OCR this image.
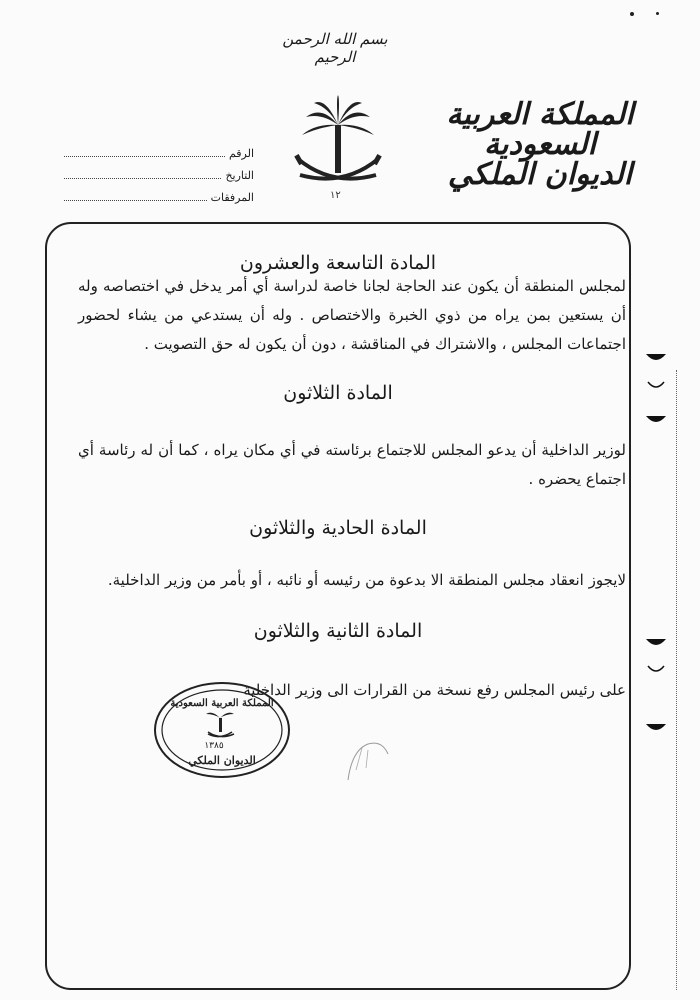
بسم الله الرحمن الرحيم
المملكة العربية السعودية
الديوان الملكي
١٢
الرقم
التاريخ
المرفقات
المادة التاسعة والعشرون
لمجلس المنطقة أن يكون عند الحاجة لجانا خاصة لدراسة أي أمر يدخل في اختصاصه وله أن يستعين بمن يراه من ذوي الخبرة والاختصاص . وله أن يستدعي من يشاء لحضور اجتماعات المجلس ، والاشتراك في المناقشة ، دون أن يكون له حق التصويت .
المادة الثلاثون
لوزير الداخلية أن يدعو المجلس للاجتماع برئاسته في أي مكان يراه ، كما أن له رئاسة أي اجتماع يحضره .
المادة الحادية والثلاثون
لايجوز انعقاد مجلس المنطقة الا بدعوة من رئيسه أو نائبه ، أو بأمر من وزير الداخلية.
المادة الثانية والثلاثون
على رئيس المجلس رفع نسخة من القرارات الى وزير الداخلية
المملكة العربية السعودية
١٣٨٥
الديوان الملكي
